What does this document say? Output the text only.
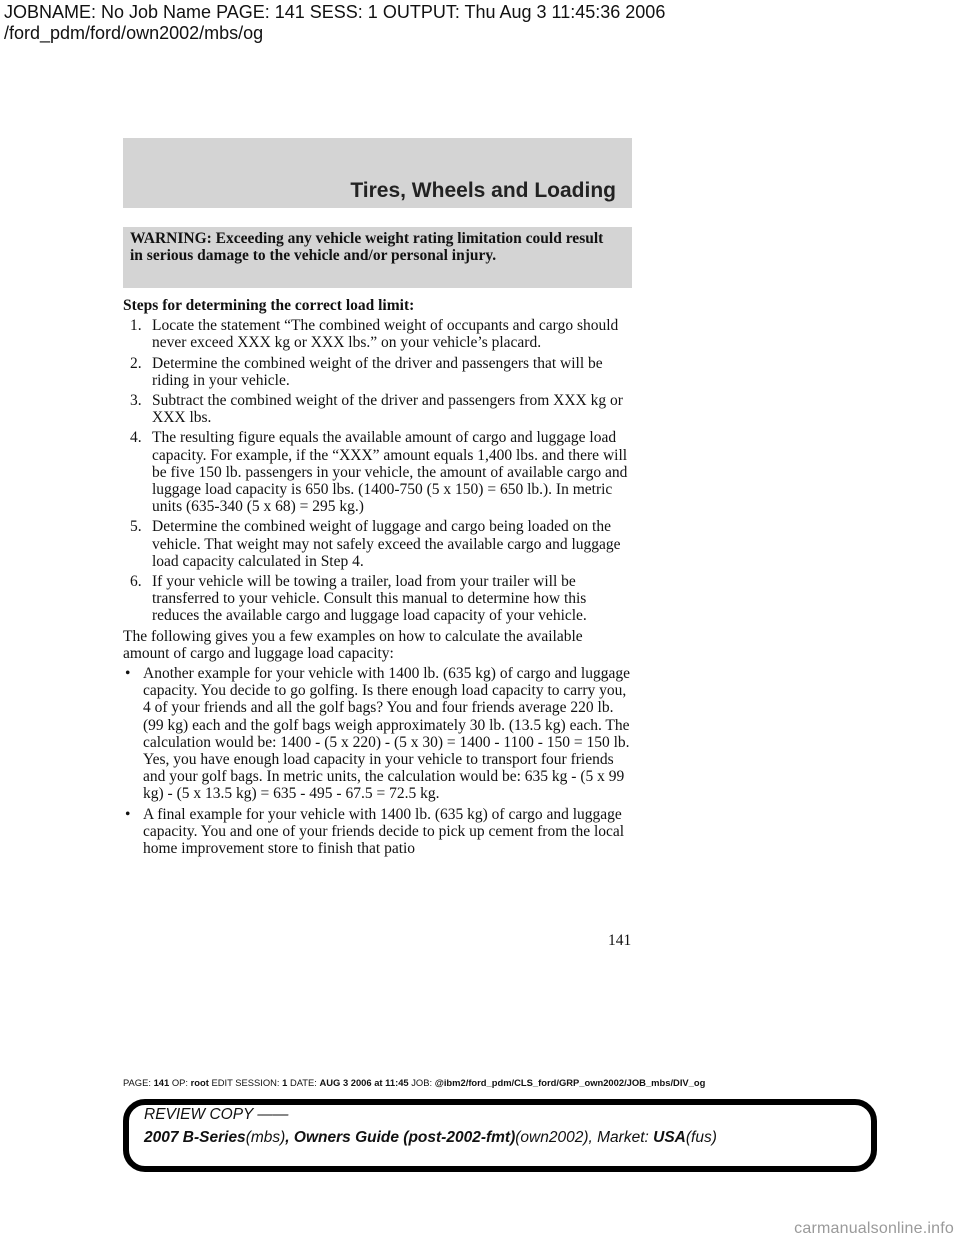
JOBNAME: No Job Name PAGE: 141 SESS: 1 OUTPUT: Thu Aug 3 11:45:36 2006
/ford_pdm/ford/own2002/mbs/og
Tires, Wheels and Loading
WARNING: Exceeding any vehicle weight rating limitation could result in serious damage to the vehicle and/or personal injury.

Steps for determining the correct load limit:

1. Locate the statement “The combined weight of occupants and cargo should never exceed XXX kg or XXX lbs.” on your vehicle’s placard.

2. Determine the combined weight of the driver and passengers that will be riding in your vehicle.

3. Subtract the combined weight of the driver and passengers from XXX kg or XXX lbs.

4. The resulting figure equals the available amount of cargo and luggage load capacity. For example, if the “XXX” amount equals 1,400 lbs. and there will be five 150 lb. passengers in your vehicle, the amount of available cargo and luggage load capacity is 650 lbs. (1400-750 (5 x 150) = 650 lb.). In metric units (635-340 (5 x 68) = 295 kg.)

5. Determine the combined weight of luggage and cargo being loaded on the vehicle. That weight may not safely exceed the available cargo and luggage load capacity calculated in Step 4.

6. If your vehicle will be towing a trailer, load from your trailer will be transferred to your vehicle. Consult this manual to determine how this reduces the available cargo and luggage load capacity of your vehicle.

The following gives you a few examples on how to calculate the available amount of cargo and luggage load capacity:

• Another example for your vehicle with 1400 lb. (635 kg) of cargo and luggage capacity. You decide to go golfing. Is there enough load capacity to carry you, 4 of your friends and all the golf bags? You and four friends average 220 lb. (99 kg) each and the golf bags weigh approximately 30 lb. (13.5 kg) each. The calculation would be: 1400 - (5 x 220) - (5 x 30) = 1400 - 1100 - 150 = 150 lb. Yes, you have enough load capacity in your vehicle to transport four friends and your golf bags. In metric units, the calculation would be: 635 kg - (5 x 99 kg) - (5 x 13.5 kg) = 635 - 495 - 67.5 = 72.5 kg.

• A final example for your vehicle with 1400 lb. (635 kg) of cargo and luggage capacity. You and one of your friends decide to pick up cement from the local home improvement store to finish that patio

141
PAGE: 141 OP: root EDIT SESSION: 1 DATE: AUG 3 2006 at 11:45 JOB: @ibm2/ford_pdm/CLS_ford/GRP_own2002/JOB_mbs/DIV_og
REVIEW COPY ——
2007 B-Series(mbs), Owners Guide (post-2002-fmt)(own2002), Market: USA(fus)
carmanualsonline.info
